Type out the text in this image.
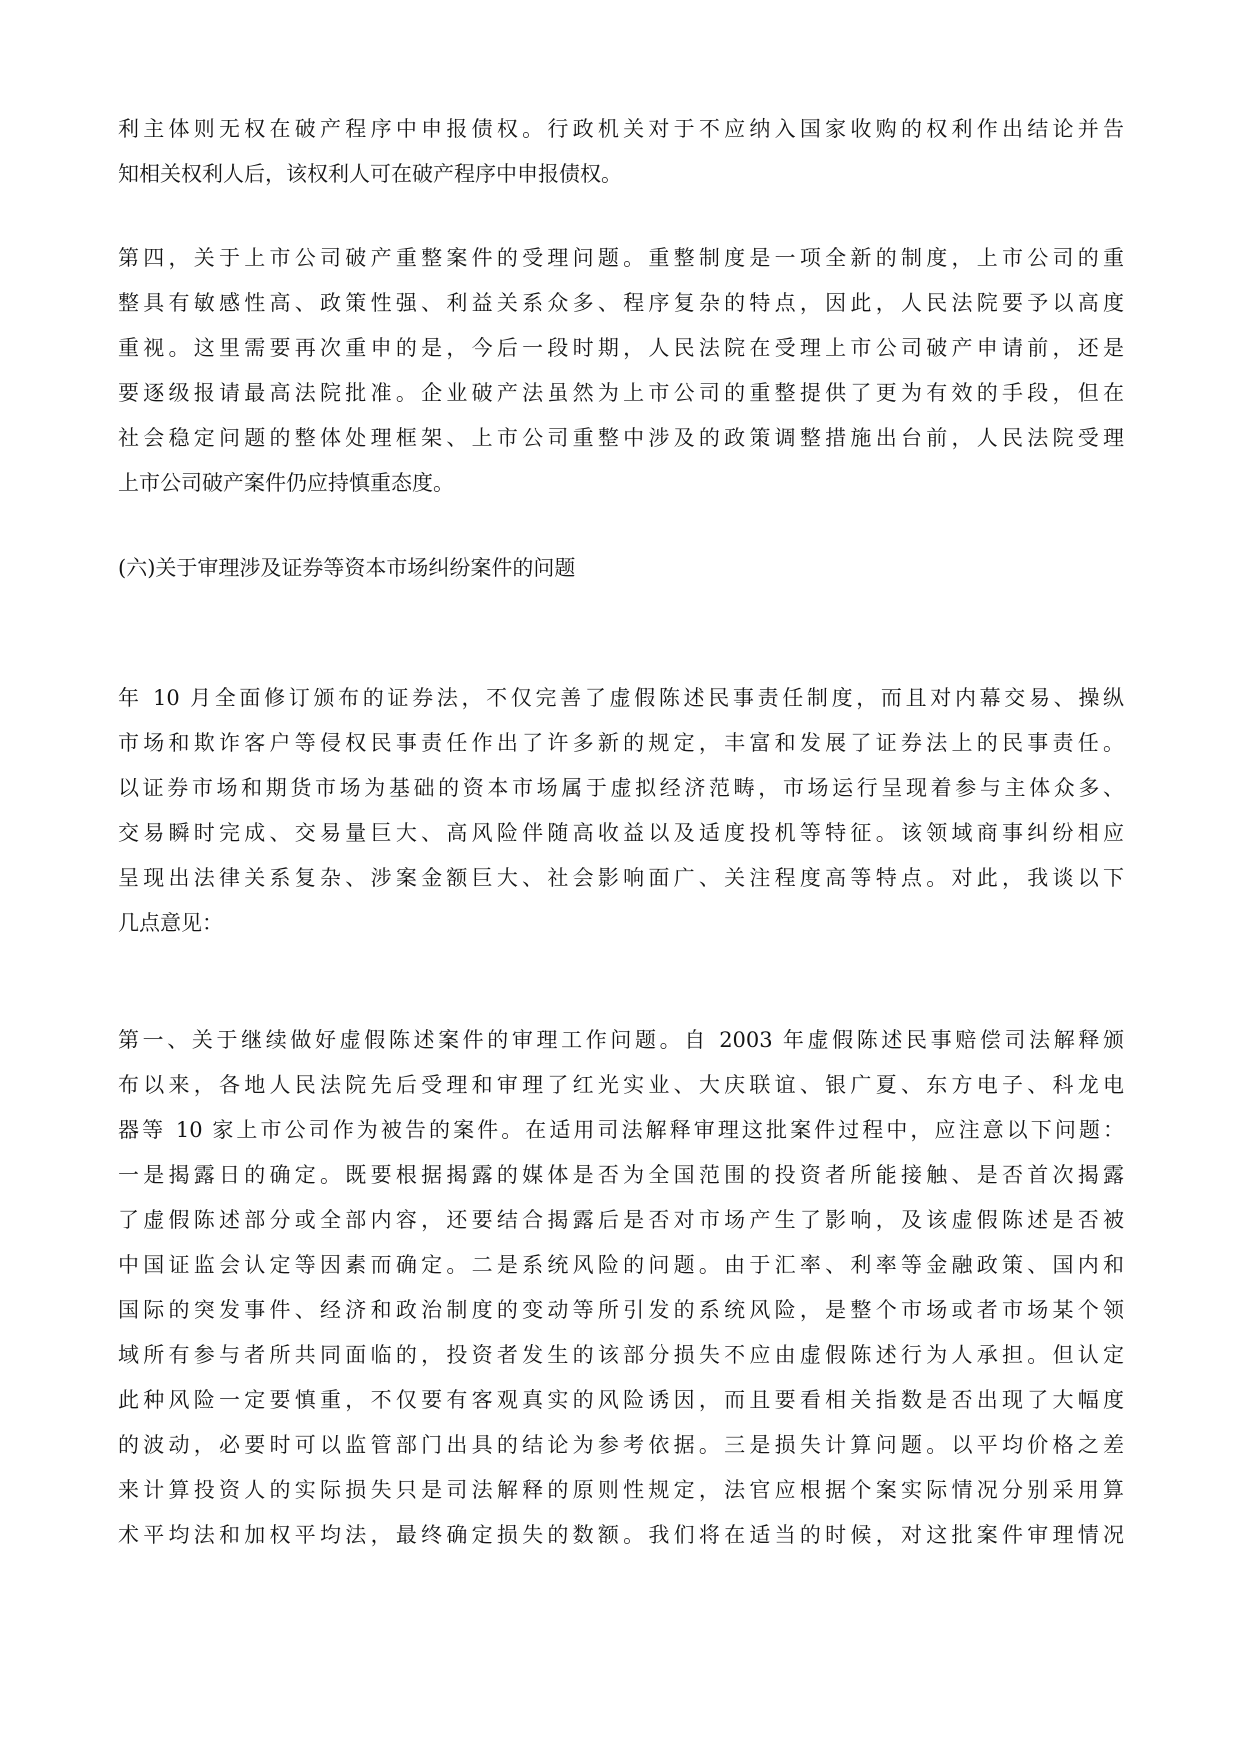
利主体则无权在破产程序中申报债权。行政机关对于不应纳入国家收购的权利作出结论并告
知相关权利人后，该权利人可在破产程序中申报债权。
第四，关于上市公司破产重整案件的受理问题。重整制度是一项全新的制度，上市公司的重
整具有敏感性高、政策性强、利益关系众多、程序复杂的特点，因此，人民法院要予以高度
重视。这里需要再次重申的是，今后一段时期，人民法院在受理上市公司破产申请前，还是
要逐级报请最高法院批准。企业破产法虽然为上市公司的重整提供了更为有效的手段，但在
社会稳定问题的整体处理框架、上市公司重整中涉及的政策调整措施出台前，人民法院受理
上市公司破产案件仍应持慎重态度。
(六)关于审理涉及证券等资本市场纠纷案件的问题
年 10 月全面修订颁布的证券法，不仅完善了虚假陈述民事责任制度，而且对内幕交易、操纵
市场和欺诈客户等侵权民事责任作出了许多新的规定，丰富和发展了证券法上的民事责任。
以证券市场和期货市场为基础的资本市场属于虚拟经济范畴，市场运行呈现着参与主体众多、
交易瞬时完成、交易量巨大、高风险伴随高收益以及适度投机等特征。该领域商事纠纷相应
呈现出法律关系复杂、涉案金额巨大、社会影响面广、关注程度高等特点。对此，我谈以下
几点意见：
第一、关于继续做好虚假陈述案件的审理工作问题。自 2003 年虚假陈述民事赔偿司法解释颁
布以来，各地人民法院先后受理和审理了红光实业、大庆联谊、银广夏、东方电子、科龙电
器等 10 家上市公司作为被告的案件。在适用司法解释审理这批案件过程中，应注意以下问题：
一是揭露日的确定。既要根据揭露的媒体是否为全国范围的投资者所能接触、是否首次揭露
了虚假陈述部分或全部内容，还要结合揭露后是否对市场产生了影响，及该虚假陈述是否被
中国证监会认定等因素而确定。二是系统风险的问题。由于汇率、利率等金融政策、国内和
国际的突发事件、经济和政治制度的变动等所引发的系统风险，是整个市场或者市场某个领
域所有参与者所共同面临的，投资者发生的该部分损失不应由虚假陈述行为人承担。但认定
此种风险一定要慎重，不仅要有客观真实的风险诱因，而且要看相关指数是否出现了大幅度
的波动，必要时可以监管部门出具的结论为参考依据。三是损失计算问题。以平均价格之差
来计算投资人的实际损失只是司法解释的原则性规定，法官应根据个案实际情况分别采用算
术平均法和加权平均法，最终确定损失的数额。我们将在适当的时候，对这批案件审理情况
